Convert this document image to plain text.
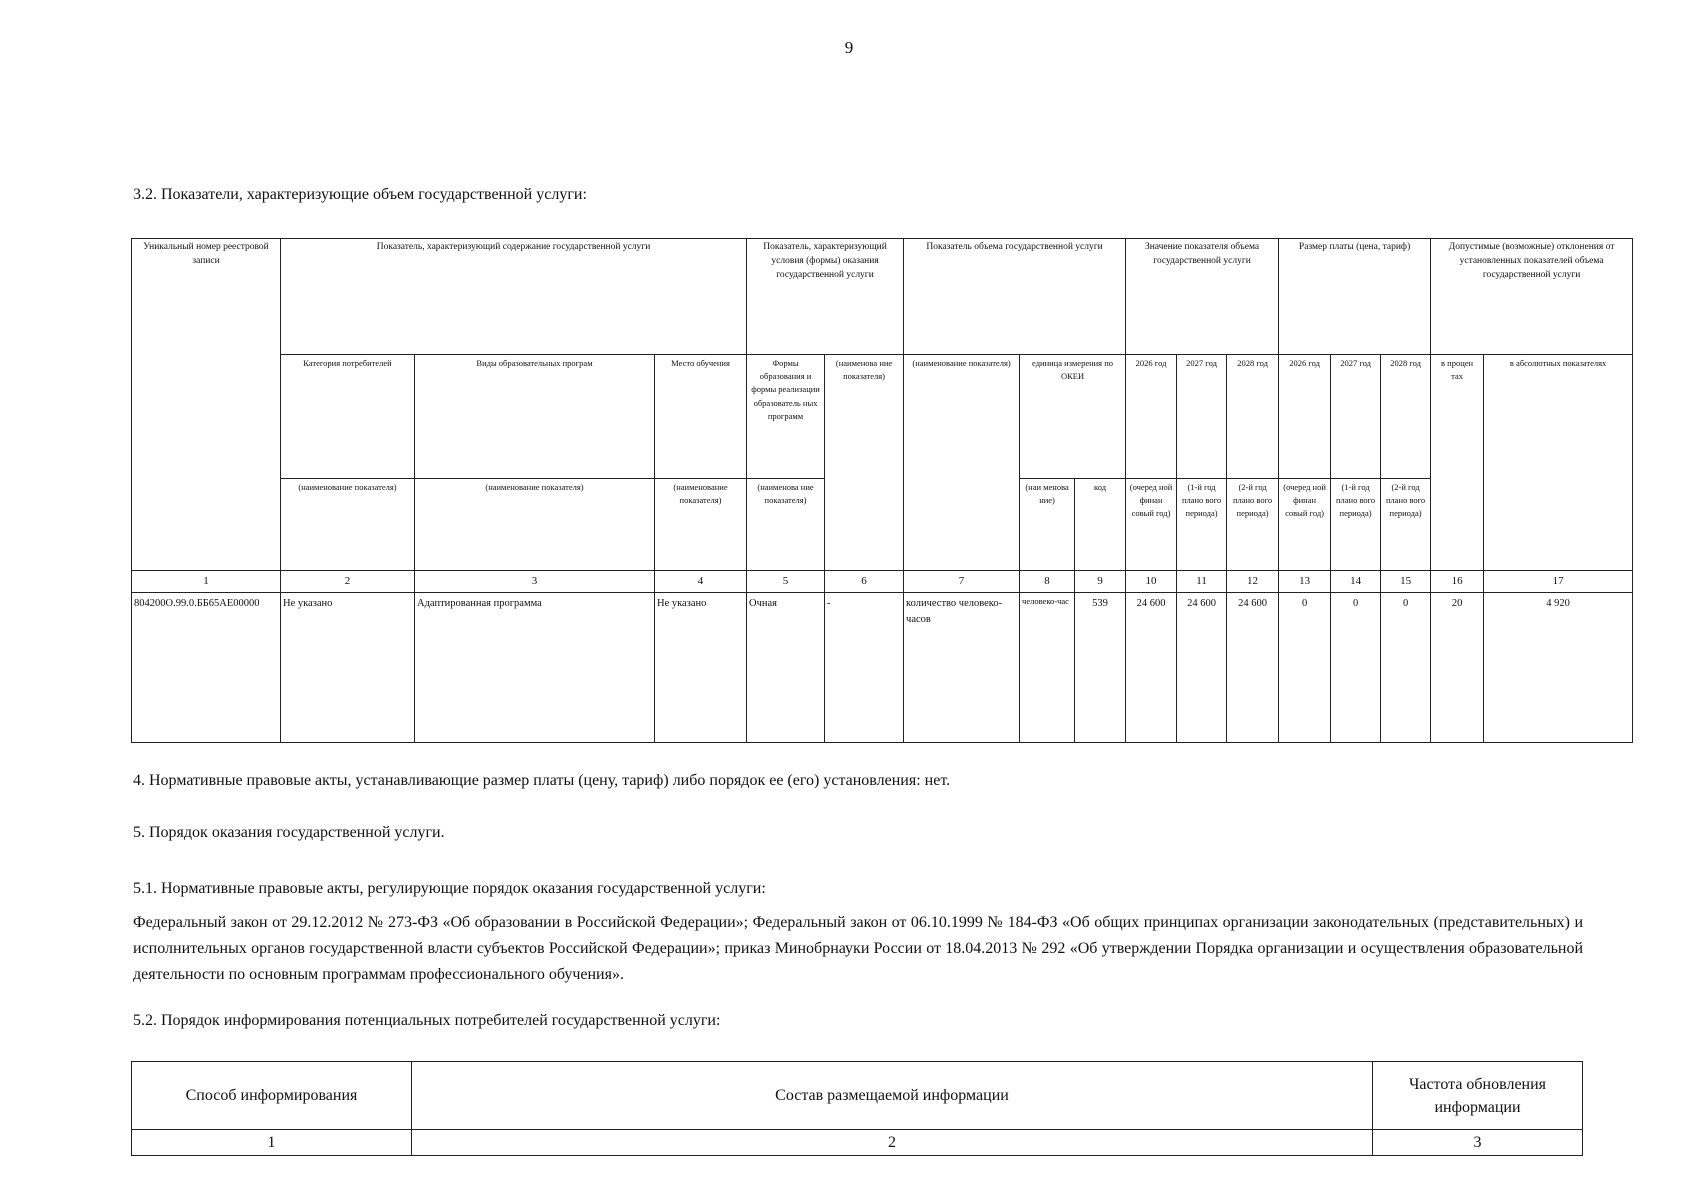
9
3.2. Показатели, характеризующие объем государственной услуги:
Уникальный номер реестровой записи	Показатель, характеризующий содержание государственной услуги			Показатель, характеризующий условия (формы) оказания государственной услуги		Показатель объема государственной услуги			Значение показателя объема государственной услуги			Размер платы (цена, тариф)			Допустимые (возможные) отклонения от установленных показателей объема государственной услуги	
	Категория потребителей	Виды образовательных програм	Место обучения	Формы образования и формы реализации образователь ных программ	(наименова ние показателя)	(наименование показателя)	единица измерения по ОКЕИ		2026 год	2027 год	2028 год	2026 год	2027 год	2028 год	в процен тах	в абсолютных показателях
	(наименование показателя)	(наименование показателя)	(наименование показателя)	(наименова ние показателя)			(наи менова ние)	код	(очеред ной финан совый год)	(1-й год плано вого периода)	(2-й год плано вого периода)	(очеред ной финан совый год)	(1-й год плано вого периода)	(2-й год плано вого периода)		
1	2	3	4	5	6	7	8	9	10	11	12	13	14	15	16	17
804200О.99.0.ББ65АЕ00000	Не указано	Адаптированная программа	Не указано	Очная	-	количество человеко-часов	человеко-час	539	24 600	24 600	24 600	0	0	0	20	4 920
4. Нормативные правовые акты, устанавливающие размер платы (цену, тариф) либо порядок ее (его) установления: нет.
5. Порядок оказания государственной услуги.
5.1. Нормативные правовые акты, регулирующие порядок оказания государственной услуги:
Федеральный закон от 29.12.2012 № 273-ФЗ «Об образовании в Российской Федерации»; Федеральный закон от 06.10.1999 № 184-ФЗ «Об общих принципах организации законодательных (представительных) и исполнительных органов государственной власти субъектов Российской Федерации»; приказ Минобрнауки России от 18.04.2013 № 292 «Об утверждении Порядка организации и осуществления образовательной деятельности по основным программам профессионального обучения».
5.2. Порядок информирования потенциальных потребителей государственной услуги:
Способ информирования	Состав размещаемой информации	Частота обновления информации
1	2	3
